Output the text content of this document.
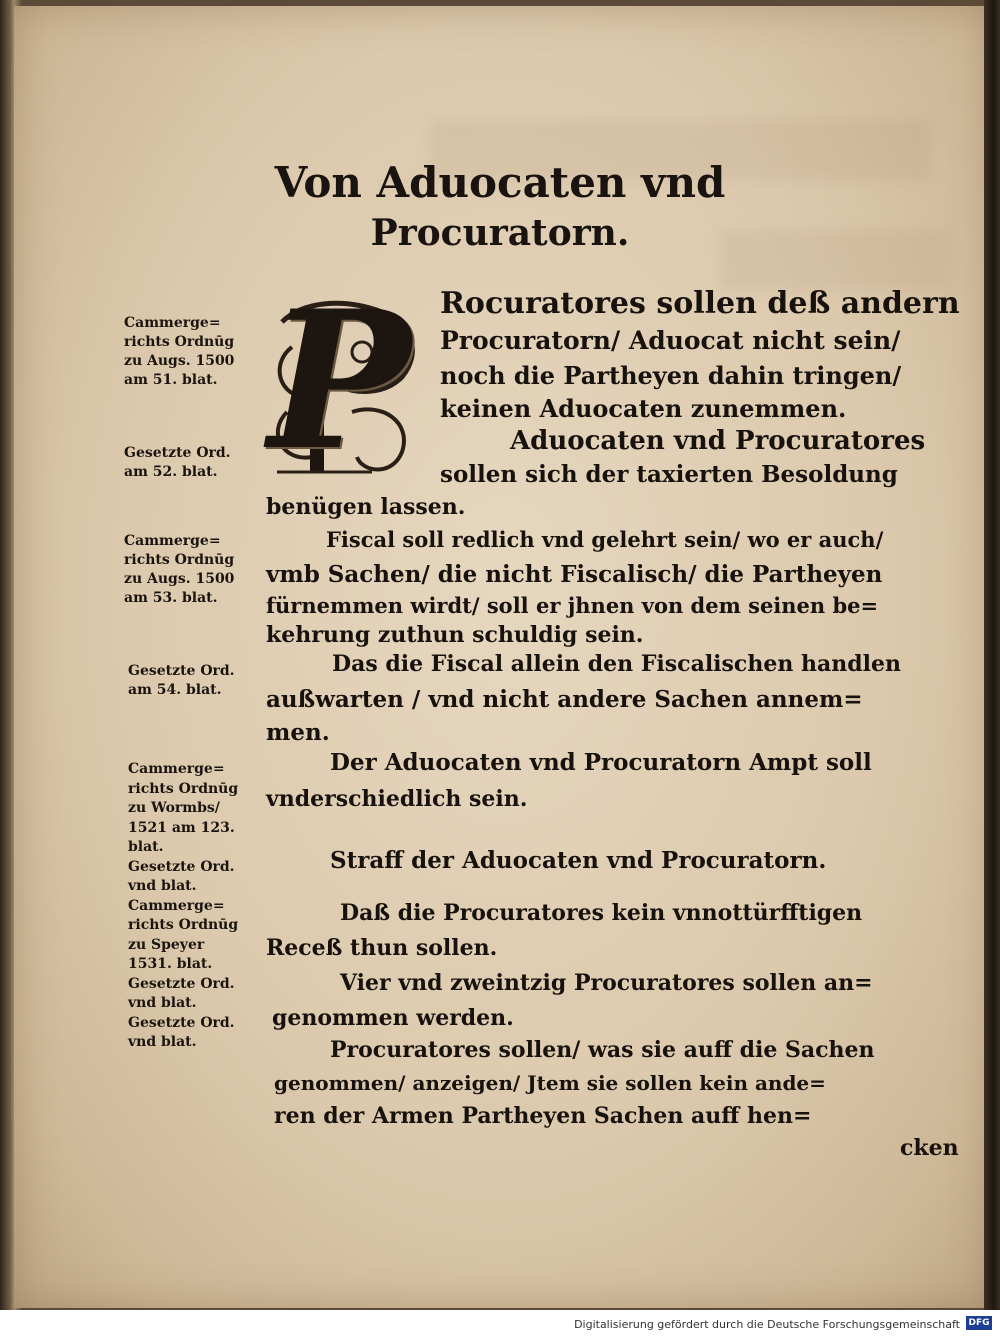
Von Aduocaten vnd
Procuratorn.
P Rocuratores sollen deß andern
Procuratorn/ Aduocat nicht sein/
noch die Partheyen dahin tringen/
keinen Aduocaten zunemmen.
Aduocaten vnd Procuratores
sollen sich der taxierten Besoldung
benügen lassen.
Fiscal soll redlich vnd gelehrt sein/ wo er auch/
vmb Sachen/ die nicht Fiscalisch/ die Partheyen
fürnemmen wirdt/ soll er jhnen von dem seinen be=
kehrung zuthun schuldig sein.
Das die Fiscal allein den Fiscalischen handlen
außwarten / vnd nicht andere Sachen annem=
men.
Der Aduocaten vnd Procuratorn Ampt soll
vnderschiedlich sein.
Straff der Aduocaten vnd Procuratorn.
Daß die Procuratores kein vnnottürfftigen
Receß thun sollen.
Vier vnd zweintzig Procuratores sollen an=
genommen werden.
Procuratores sollen/ was sie auff die Sachen
genommen/ anzeigen/ Jtem sie sollen kein ande=
ren der Armen Partheyen Sachen auff hen=
cken
Cammerge=
richts Ordnūg
zu Augs. 1500
am 51. blat.
Gesetzte Ord.
am 52. blat.
Cammerge=
richts Ordnūg
zu Augs. 1500
am 53. blat.
Gesetzte Ord.
am 54. blat.
Cammerge=
richts Ordnūg
zu Wormbs/
1521 am 123.
blat.
Gesetzte Ord.
vnd blat.
Cammerge=
richts Ordnūg
zu Speyer
1531. blat.
Gesetzte Ord.
vnd blat.
Gesetzte Ord.
vnd blat.
Digitalisierung gefördert durch die Deutsche Forschungsgemeinschaft DFG
